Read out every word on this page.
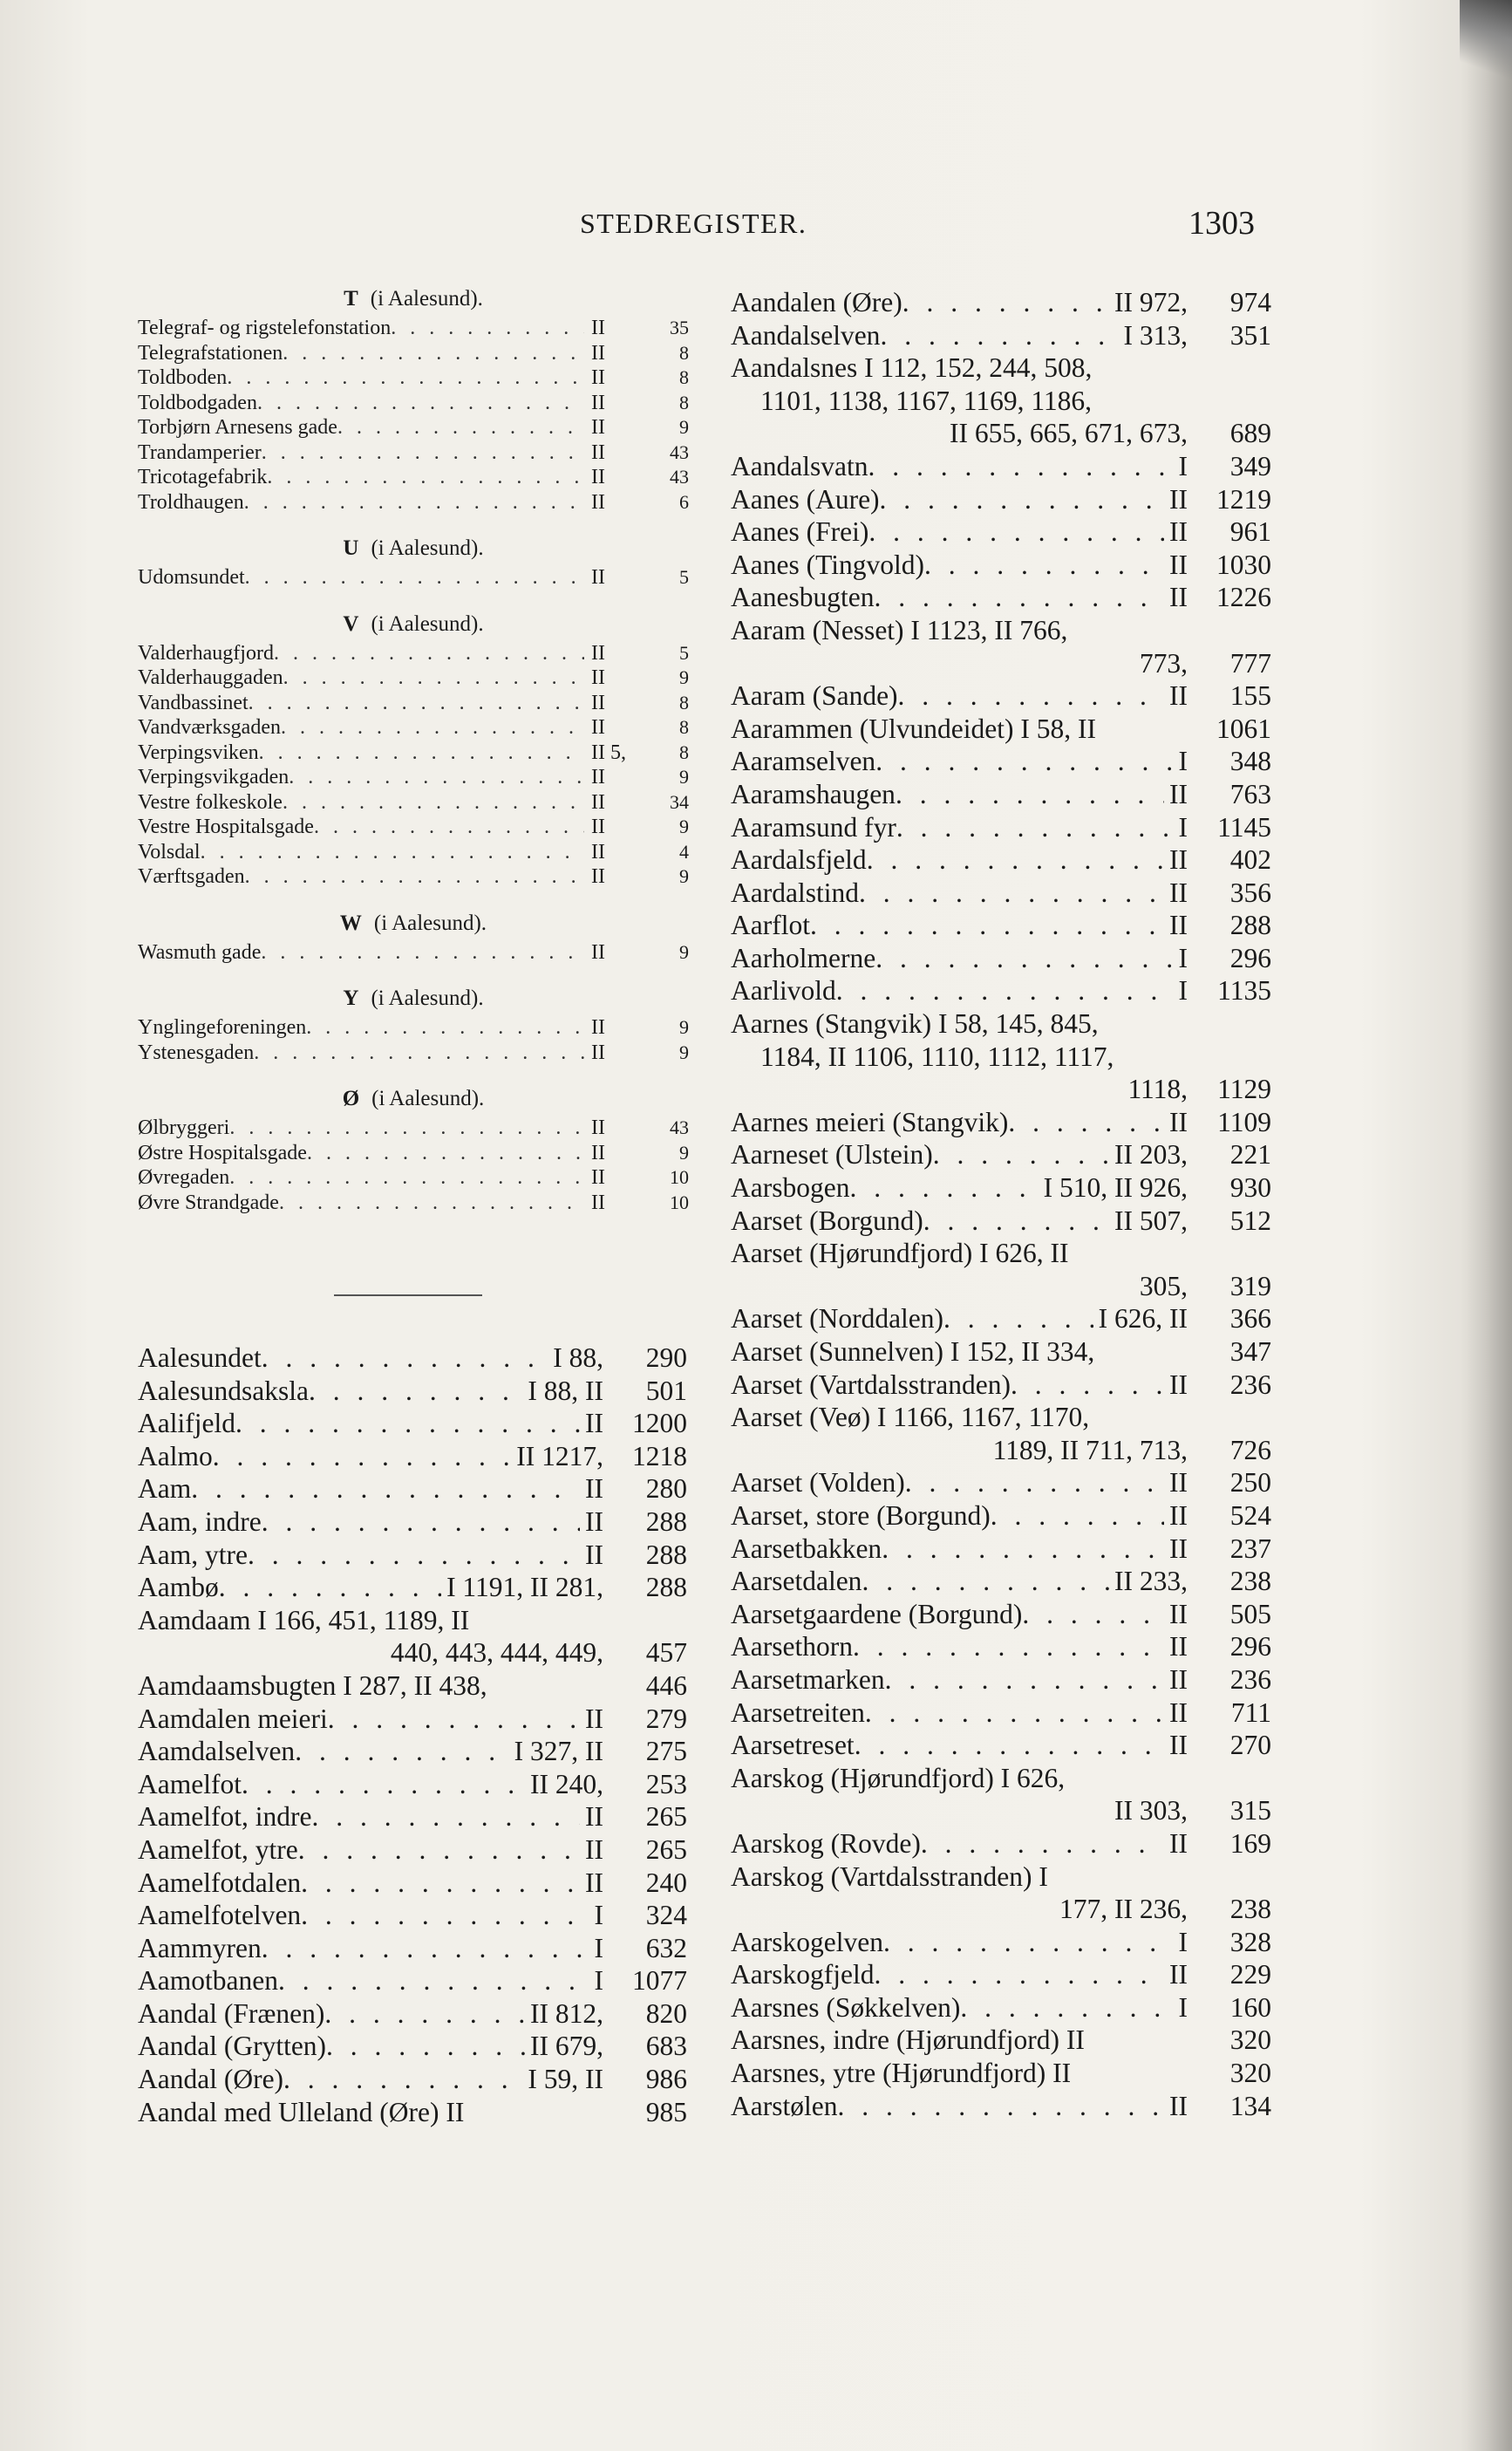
STEDREGISTER.	1303
T (i Aalesund).
Telegraf- og rigstelefonstation . . .	II	35
Telegrafstationen . . .	II	8
Toldboden . . .	II	8
Toldbodgaden . . .	II	8
Torbjørn Arnesens gade . . .	II	9
Trandamperier . . .	II	43
Tricotagefabrik . . .	II	43
Troldhaugen . . .	II	6
U (i Aalesund).
Udomsundet . . .	II	5
V (i Aalesund).
Valderhaugfjord . . .	II	5
Valderhauggaden . . .	II	9
Vandbassinet . . .	II	8
Vandværksgaden . . .	II	8
Verpingsviken . . .	II 5,	8
Verpingsvikgaden . . .	II	9
Vestre folkeskole . . .	II	34
Vestre Hospitalsgade . . .	II	9
Volsdal . . .	II	4
Værftsgaden . . .	II	9
W (i Aalesund).
Wasmuth gade . . .	II	9
Y (i Aalesund).
Ynglingeforeningen . . .	II	9
Ystenesgaden . . .	II	9
Ø (i Aalesund).
Ølbryggeri . . .	II	43
Østre Hospitalsgade . . .	II	9
Øvregaden . . .	II	10
Øvre Strandgade . . .	II	10
Aalesundet . . .	I 88,	290
Aalesundsaksla . . .	I 88, II	501
Aalifjeld . . .	II	1200
Aalmo . . .	II 1217,	1218
Aam . . .	II	280
Aam, indre . . .	II	288
Aam, ytre . . .	II	288
Aambø . . .	I 1191, II 281,	288
Aamdaam I 166, 451, 1189, II
440, 443, 444, 449,	457
Aamdaamsbugten I 287, II 438,	446
Aamdalen meieri . . .	II	279
Aamdalselven . . .	I 327, II	275
Aamelfot . . .	II 240,	253
Aamelfot, indre . . .	II	265
Aamelfot, ytre . . .	II	265
Aamelfotdalen . . .	II	240
Aamelfotelven . . .	I	324
Aammyren . . .	I	632
Aamotbanen . . .	I	1077
Aandal (Frænen) . . .	II 812,	820
Aandal (Grytten) . . .	II 679,	683
Aandal (Øre) . . .	I 59, II	986
Aandal med Ulleland (Øre) II	985
Aandalen (Øre) . . .	II 972,	974
Aandalselven . . .	I 313,	351
Aandalsnes I 112, 152, 244, 508,
1101, 1138, 1167, 1169, 1186,
II 655, 665, 671, 673,	689
Aandalsvatn . . .	I	349
Aanes (Aure) . . .	II	1219
Aanes (Frei) . . .	II	961
Aanes (Tingvold) . . .	II	1030
Aanesbugten . . .	II	1226
Aaram (Nesset) I 1123, II 766,
773,	777
Aaram (Sande) . . .	II	155
Aarammen (Ulvundeidet) I 58, II	1061
Aaramselven . . .	I	348
Aaramshaugen . . .	II	763
Aaramsund fyr . . .	I	1145
Aardalsfjeld . . .	II	402
Aardalstind . . .	II	356
Aarflot . . .	II	288
Aarholmerne . . .	I	296
Aarlivold . . .	I	1135
Aarnes (Stangvik) I 58, 145, 845,
1184, II 1106, 1110, 1112, 1117,
1118,	1129
Aarnes meieri (Stangvik) . . .	II	1109
Aarneset (Ulstein) . . .	II 203,	221
Aarsbogen . . .	I 510, II 926,	930
Aarset (Borgund) . . .	II 507,	512
Aarset (Hjørundfjord) I 626, II
305,	319
Aarset (Norddalen) . . .	I 626, II	366
Aarset (Sunnelven) I 152, II 334,	347
Aarset (Vartdalsstranden) . . .	II	236
Aarset (Veø) I 1166, 1167, 1170,
1189, II 711, 713,	726
Aarset (Volden) . . .	II	250
Aarset, store (Borgund) . . .	II	524
Aarsetbakken . . .	II	237
Aarsetdalen . . .	II 233,	238
Aarsetgaardene (Borgund) . . .	II	505
Aarsethorn . . .	II	296
Aarsetmarken . . .	II	236
Aarsetreiten . . .	II	711
Aarsetreset . . .	II	270
Aarskog (Hjørundfjord) I 626,
II 303,	315
Aarskog (Rovde) . . .	II	169
Aarskog (Vartdalsstranden) I
177, II 236,	238
Aarskogelven . . .	I	328
Aarskogfjeld . . .	II	229
Aarsnes (Søkkelven) . . .	I	160
Aarsnes, indre (Hjørundfjord) II	320
Aarsnes, ytre (Hjørundfjord) II	320
Aarstølen . . .	II	134
